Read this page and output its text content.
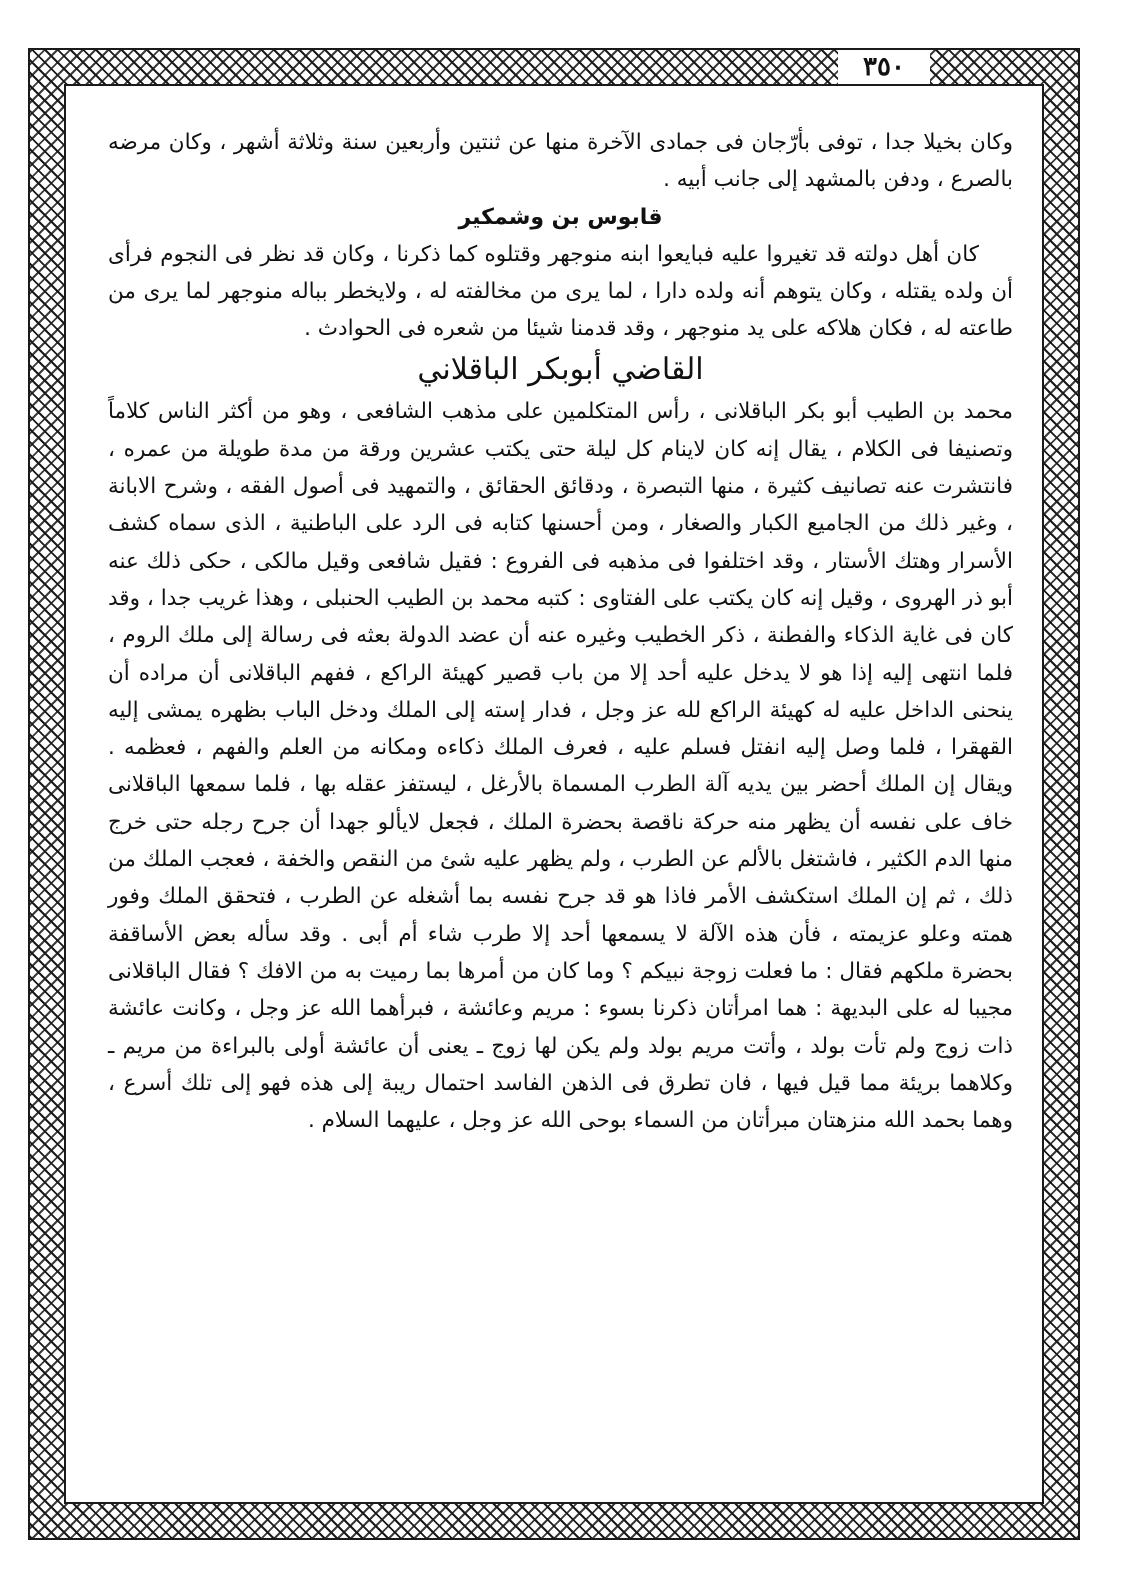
٣٥٠

وكان بخيلا جدا ، توفى بأرّجان فى جمادى الآخرة منها عن ثنتين وأربعين سنة وثلاثة أشهر ، وكان مرضه بالصرع ، ودفن بالمشهد إلى جانب أبيه .

قابوس بن وشمكير

كان أهل دولته قد تغيروا عليه فبايعوا ابنه منوجهر وقتلوه كما ذكرنا ، وكان قد نظر فى النجوم فرأى أن ولده يقتله ، وكان يتوهم أنه ولده دارا ، لما يرى من مخالفته له ، ولايخطر بباله منوجهر لما يرى من طاعته له ، فكان هلاكه على يد منوجهر ، وقد قدمنا شيئا من شعره فى الحوادث .

القاضي أبوبكر الباقلاني

محمد بن الطيب أبو بكر الباقلانى ، رأس المتكلمين على مذهب الشافعى ، وهو من أكثر الناس كلاماً وتصنيفا فى الكلام ، يقال إنه كان لاينام كل ليلة حتى يكتب عشرين ورقة من مدة طويلة من عمره ، فانتشرت عنه تصانيف كثيرة ، منها التبصرة ، ودقائق الحقائق ، والتمهيد فى أصول الفقه ، وشرح الابانة ، وغير ذلك من الجاميع الكبار والصغار ، ومن أحسنها كتابه فى الرد على الباطنية ، الذى سماه كشف الأسرار وهتك الأستار ، وقد اختلفوا فى مذهبه فى الفروع : فقيل شافعى وقيل مالكى ، حكى ذلك عنه أبو ذر الهروى ، وقيل إنه كان يكتب على الفتاوى : كتبه محمد بن الطيب الحنبلى ، وهذا غريب جدا ، وقد كان فى غاية الذكاء والفطنة ، ذكر الخطيب وغيره عنه أن عضد الدولة بعثه فى رسالة إلى ملك الروم ، فلما انتهى إليه إذا هو لا يدخل عليه أحد إلا من باب قصير كهيئة الراكع ، ففهم الباقلانى أن مراده أن ينحنى الداخل عليه له كهيئة الراكع لله عز وجل ، فدار إسته إلى الملك ودخل الباب بظهره يمشى إليه القهقرا ، فلما وصل إليه انفتل فسلم عليه ، فعرف الملك ذكاءه ومكانه من العلم والفهم ، فعظمه . ويقال إن الملك أحضر بين يديه آلة الطرب المسماة بالأرغل ، ليستفز عقله بها ، فلما سمعها الباقلانى خاف على نفسه أن يظهر منه حركة ناقصة بحضرة الملك ، فجعل لايألو جهدا أن جرح رجله حتى خرج منها الدم الكثير ، فاشتغل بالألم عن الطرب ، ولم يظهر عليه شئ من النقص والخفة ، فعجب الملك من ذلك ، ثم إن الملك استكشف الأمر فاذا هو قد جرح نفسه بما أشغله عن الطرب ، فتحقق الملك وفور همته وعلو عزيمته ، فأن هذه الآلة لا يسمعها أحد إلا طرب شاء أم أبى . وقد سأله بعض الأساقفة بحضرة ملكهم فقال : ما فعلت زوجة نبيكم ؟ وما كان من أمرها بما رميت به من الافك ؟ فقال الباقلانى مجيبا له على البديهة : هما امرأتان ذكرنا بسوء : مريم وعائشة ، فبرأهما الله عز وجل ، وكانت عائشة ذات زوج ولم تأت بولد ، وأتت مريم بولد ولم يكن لها زوج ـ يعنى أن عائشة أولى بالبراءة من مريم ـ وكلاهما بريئة مما قيل فيها ، فان تطرق فى الذهن الفاسد احتمال ريبة إلى هذه فهو إلى تلك أسرع ، وهما بحمد الله منزهتان مبرأتان من السماء بوحى الله عز وجل ، عليهما السلام .
